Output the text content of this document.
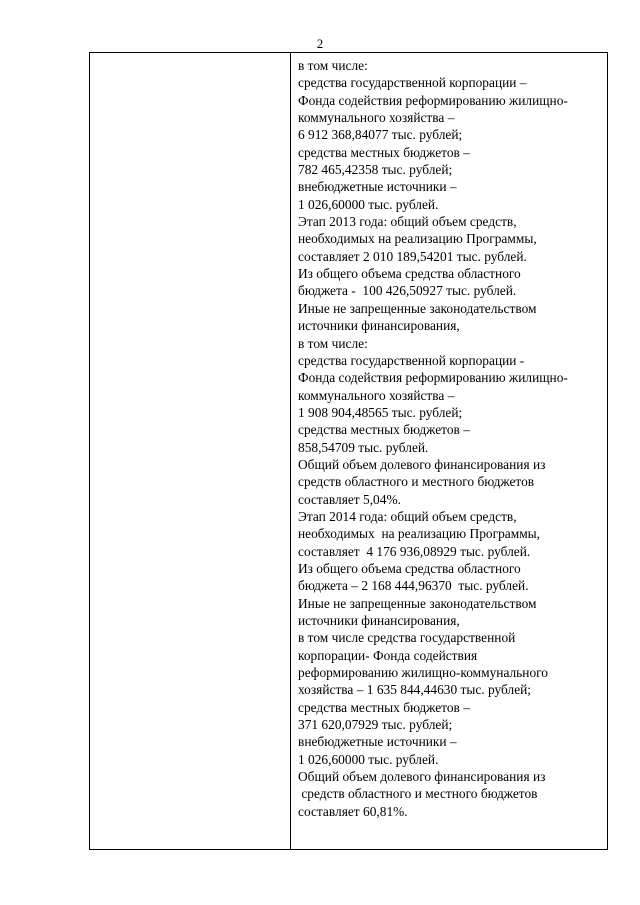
2

в том числе:
средства государственной корпорации –
Фонда содействия реформированию жилищно-
коммунального хозяйства –
6 912 368,84077 тыс. рублей;
средства местных бюджетов –
782 465,42358 тыс. рублей;
внебюджетные источники –
1 026,60000 тыс. рублей.
Этап 2013 года: общий объем средств,
необходимых на реализацию Программы,
составляет 2 010 189,54201 тыс. рублей.
Из общего объема средства областного
бюджета -  100 426,50927 тыс. рублей.
Иные не запрещенные законодательством
источники финансирования,
в том числе:
средства государственной корпорации -
Фонда содействия реформированию жилищно-
коммунального хозяйства –
1 908 904,48565 тыс. рублей;
средства местных бюджетов –
858,54709 тыс. рублей.
Общий объем долевого финансирования из
средств областного и местного бюджетов
составляет 5,04%.
Этап 2014 года: общий объем средств,
необходимых  на реализацию Программы,
составляет  4 176 936,08929 тыс. рублей.
Из общего объема средства областного
бюджета – 2 168 444,96370  тыс. рублей.
Иные не запрещенные законодательством
источники финансирования,
в том числе средства государственной
корпорации- Фонда содействия
реформированию жилищно-коммунального
хозяйства – 1 635 844,44630 тыс. рублей;
средства местных бюджетов –
371 620,07929 тыс. рублей;
внебюджетные источники –
1 026,60000 тыс. рублей.
Общий объем долевого финансирования из
средств областного и местного бюджетов
составляет 60,81%.
